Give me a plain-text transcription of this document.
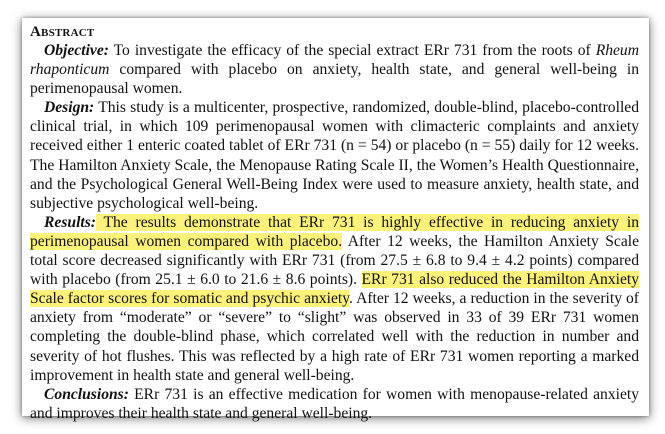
Abstract

Objective: To investigate the efficacy of the special extract ERr 731 from the roots of Rheum rhaponticum compared with placebo on anxiety, health state, and general well-being in perimenopausal women.

Design: This study is a multicenter, prospective, randomized, double-blind, placebo-controlled clinical trial, in which 109 perimenopausal women with climacteric complaints and anxiety received either 1 enteric coated tablet of ERr 731 (n = 54) or placebo (n = 55) daily for 12 weeks. The Hamilton Anxiety Scale, the Menopause Rating Scale II, the Women’s Health Questionnaire, and the Psychological General Well-Being Index were used to measure anxiety, health state, and subjective psychological well-being.

Results: The results demonstrate that ERr 731 is highly effective in reducing anxiety in perimenopausal women compared with placebo. After 12 weeks, the Hamilton Anxiety Scale total score decreased significantly with ERr 731 (from 27.5 ± 6.8 to 9.4 ± 4.2 points) compared with placebo (from 25.1 ± 6.0 to 21.6 ± 8.6 points). ERr 731 also reduced the Hamilton Anxiety Scale factor scores for somatic and psychic anxiety. After 12 weeks, a reduction in the severity of anxiety from “moderate” or “severe” to “slight” was observed in 33 of 39 ERr 731 women completing the double-blind phase, which correlated well with the reduction in number and severity of hot flushes. This was reflected by a high rate of ERr 731 women reporting a marked improvement in health state and general well-being.

Conclusions: ERr 731 is an effective medication for women with menopause-related anxiety and improves their health state and general well-being.
